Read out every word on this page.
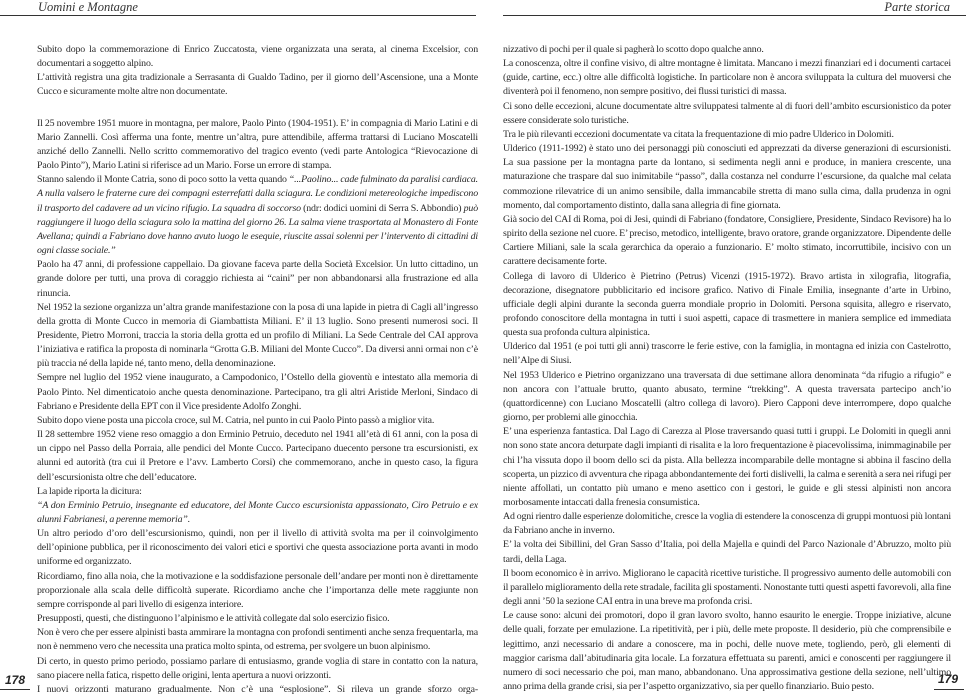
Uomini e Montagne

Subito dopo la commemorazione di Enrico Zuccatosta, viene organizzata una serata, al cinema Excelsior, con documentari a soggetto alpino.

L’attività registra una gita tradizionale a Serrasanta di Gualdo Tadino, per il giorno dell’Ascensione, una a Monte Cucco e sicuramente molte altre non documentate.

Il 25 novembre 1951 muore in montagna, per malore, Paolo Pinto (1904-1951). E’ in compagnia di Mario Latini e di Mario Zannelli. Così afferma una fonte, mentre un’altra, pure attendibile, afferma trattarsi di Luciano Moscatelli anziché dello Zannelli. Nello scritto commemorativo del tragico evento (vedi parte Antologica “Rievocazione di Paolo Pinto”), Mario Latini si riferisce ad un Mario. Forse un errore di stampa.

Stanno salendo il Monte Catria, sono di poco sotto la vetta quando “...Paolino... cade fulminato da paralisi cardiaca. A nulla valsero le fraterne cure dei compagni esterrefatti dalla sciagura. Le condizioni metereologiche impediscono il trasporto del cadavere ad un vicino rifugio. La squadra di soccorso (ndr: dodici uomini di Serra S. Abbondio) può raggiungere il luogo della sciagura solo la mattina del giorno 26. La salma viene trasportata al Monastero di Fonte Avellana; quindi a Fabriano dove hanno avuto luogo le esequie, riuscite assai solenni per l’intervento di cittadini di ogni classe sociale.”

Paolo ha 47 anni, di professione cappellaio. Da giovane faceva parte della Società Excelsior. Un lutto cittadino, un grande dolore per tutti, una prova di coraggio richiesta ai “caini” per non abbandonarsi alla frustrazione ed alla rinuncia.

Nel 1952 la sezione organizza un’altra grande manifestazione con la posa di una lapide in pietra di Cagli all’ingresso della grotta di Monte Cucco in memoria di Giambattista Miliani. E’ il 13 luglio. Sono presenti numerosi soci. Il Presidente, Pietro Morroni, traccia la storia della grotta ed un profilo di Miliani. La Sede Centrale del CAI approva l’iniziativa e ratifica la proposta di nominarla “Grotta G.B. Miliani del Monte Cucco”. Da diversi anni ormai non c’è più traccia né della lapide né, tanto meno, della denominazione.

Sempre nel luglio del 1952 viene inaugurato, a Campodonico, l’Ostello della gioventù e intestato alla memoria di Paolo Pinto. Nel dimenticatoio anche questa denominazione. Partecipano, tra gli altri Aristide Merloni, Sindaco di Fabriano e Presidente della EPT con il Vice presidente Adolfo Zonghi.

Subito dopo viene posta una piccola croce, sul M. Catria, nel punto in cui Paolo Pinto passò a miglior vita.

Il 28 settembre 1952 viene reso omaggio a don Erminio Petruio, deceduto nel 1941 all’età di 61 anni, con la posa di un cippo nel Passo della Porraia, alle pendici del Monte Cucco. Partecipano duecento persone tra escursionisti, ex alunni ed autorità (tra cui il Pretore e l’avv. Lamberto Corsi) che commemorano, anche in questo caso, la figura dell’escursionista oltre che dell’educatore.

La lapide riporta la dicitura:

“A don Erminio Petruio, insegnante ed educatore, del Monte Cucco escursionista appassionato, Ciro Petruio e ex alunni Fabrianesi, a perenne memoria”.

Un altro periodo d’oro dell’escursionismo, quindi, non per il livello di attività svolta ma per il coinvolgimento dell’opinione pubblica, per il riconoscimento dei valori etici e sportivi che questa associazione porta avanti in modo uniforme ed organizzato.

Ricordiamo, fino alla noia, che la motivazione e la soddisfazione personale dell’andare per monti non è direttamente proporzionale alla scala delle difficoltà superate. Ricordiamo anche che l’importanza delle mete raggiunte non sempre corrisponde al pari livello di esigenza interiore.

Presupposti, questi, che distinguono l’alpinismo e le attività collegate dal solo esercizio fisico.

Non è vero che per essere alpinisti basta ammirare la montagna con profondi sentimenti anche senza frequentarla, ma non è nemmeno vero che necessita una pratica molto spinta, od estrema, per svolgere un buon alpinismo.

Di certo, in questo primo periodo, possiamo parlare di entusiasmo, grande voglia di stare in contatto con la natura, sano piacere nella fatica, rispetto delle origini, lenta apertura a nuovi orizzonti.

I nuovi orizzonti maturano gradualmente. Non c’è una “esplosione”. Si rileva un grande sforzo orga-

178
Parte storica

nizzativo di pochi per il quale si pagherà lo scotto dopo qualche anno.

La conoscenza, oltre il confine visivo, di altre montagne è limitata. Mancano i mezzi finanziari ed i documenti cartacei (guide, cartine, ecc.) oltre alle difficoltà logistiche. In particolare non è ancora sviluppata la cultura del muoversi che diventerà poi il fenomeno, non sempre positivo, dei flussi turistici di massa.

Ci sono delle eccezioni, alcune documentate altre sviluppatesi talmente al di fuori dell’ambito escursionistico da poter essere considerate solo turistiche.

Tra le più rilevanti eccezioni documentate va citata la frequentazione di mio padre Ulderico in Dolomiti.

Ulderico (1911-1992) è stato uno dei personaggi più conosciuti ed apprezzati da diverse generazioni di escursionisti. La sua passione per la montagna parte da lontano, si sedimenta negli anni e produce, in maniera crescente, una maturazione che traspare dal suo inimitabile “passo”, dalla costanza nel condurre l’escursione, da qualche mal celata commozione rilevatrice di un animo sensibile, dalla immancabile stretta di mano sulla cima, dalla prudenza in ogni momento, dal comportamento distinto, dalla sana allegria di fine giornata.

Già socio del CAI di Roma, poi di Jesi, quindi di Fabriano (fondatore, Consigliere, Presidente, Sindaco Revisore) ha lo spirito della sezione nel cuore. E’ preciso, metodico, intelligente, bravo oratore, grande organizzatore. Dipendente delle Cartiere Miliani, sale la scala gerarchica da operaio a funzionario. E’ molto stimato, incorruttibile, incisivo con un carattere decisamente forte.

Collega di lavoro di Ulderico è Pietrino (Petrus) Vicenzi (1915-1972). Bravo artista in xilografia, litografia, decorazione, disegnatore pubblicitario ed incisore grafico. Nativo di Finale Emilia, insegnante d’arte in Urbino, ufficiale degli alpini durante la seconda guerra mondiale proprio in Dolomiti. Persona squisita, allegro e riservato, profondo conoscitore della montagna in tutti i suoi aspetti, capace di trasmettere in maniera semplice ed immediata questa sua profonda cultura alpinistica.

Ulderico dal 1951 (e poi tutti gli anni) trascorre le ferie estive, con la famiglia, in montagna ed inizia con Castelrotto, nell’Alpe di Siusi.

Nel 1953 Ulderico e Pietrino organizzano una traversata di due settimane allora denominata “da rifugio a rifugio” e non ancora con l’attuale brutto, quanto abusato, termine “trekking”. A questa traversata partecipo anch’io (quattordicenne) con Luciano Moscatelli (altro collega di lavoro). Piero Capponi deve interrompere, dopo qualche giorno, per problemi alle ginocchia.

E’ una esperienza fantastica. Dal Lago di Carezza al Plose traversando quasi tutti i gruppi. Le Dolomiti in quegli anni non sono state ancora deturpate dagli impianti di risalita e la loro frequentazione è piacevolissima, inimmaginabile per chi l’ha vissuta dopo il boom dello sci da pista. Alla bellezza incomparabile delle montagne si abbina il fascino della scoperta, un pizzico di avventura che ripaga abbondantemente dei forti dislivelli, la calma e serenità a sera nei rifugi per niente affollati, un contatto più umano e meno asettico con i gestori, le guide e gli stessi alpinisti non ancora morbosamente intaccati dalla frenesia consumistica.

Ad ogni rientro dalle esperienze dolomitiche, cresce la voglia di estendere la conoscenza di gruppi montuosi più lontani da Fabriano anche in inverno.

E’ la volta dei Sibillini, del Gran Sasso d’Italia, poi della Majella e quindi del Parco Nazionale d’Abruzzo, molto più tardi, della Laga.

Il boom economico è in arrivo. Migliorano le capacità ricettive turistiche. Il progressivo aumento delle automobili con il parallelo miglioramento della rete stradale, facilita gli spostamenti. Nonostante tutti questi aspetti favorevoli, alla fine degli anni ’50 la sezione CAI entra in una breve ma profonda crisi.

Le cause sono: alcuni dei promotori, dopo il gran lavoro svolto, hanno esaurito le energie. Troppe iniziative, alcune delle quali, forzate per emulazione. La ripetitività, per i più, delle mete proposte. Il desiderio, più che comprensibile e legittimo, anzi necessario di andare a conoscere, ma in pochi, delle nuove mete, togliendo, però, gli elementi di maggior carisma dall’abitudinaria gita locale. La forzatura effettuata su parenti, amici e conoscenti per raggiungere il numero di soci necessario che poi, man mano, abbandonano. Una approssimativa gestione della sezione, nell’ultimo anno prima della grande crisi, sia per l’aspetto organizzativo, sia per quello finanziario. Buio pesto.

179
